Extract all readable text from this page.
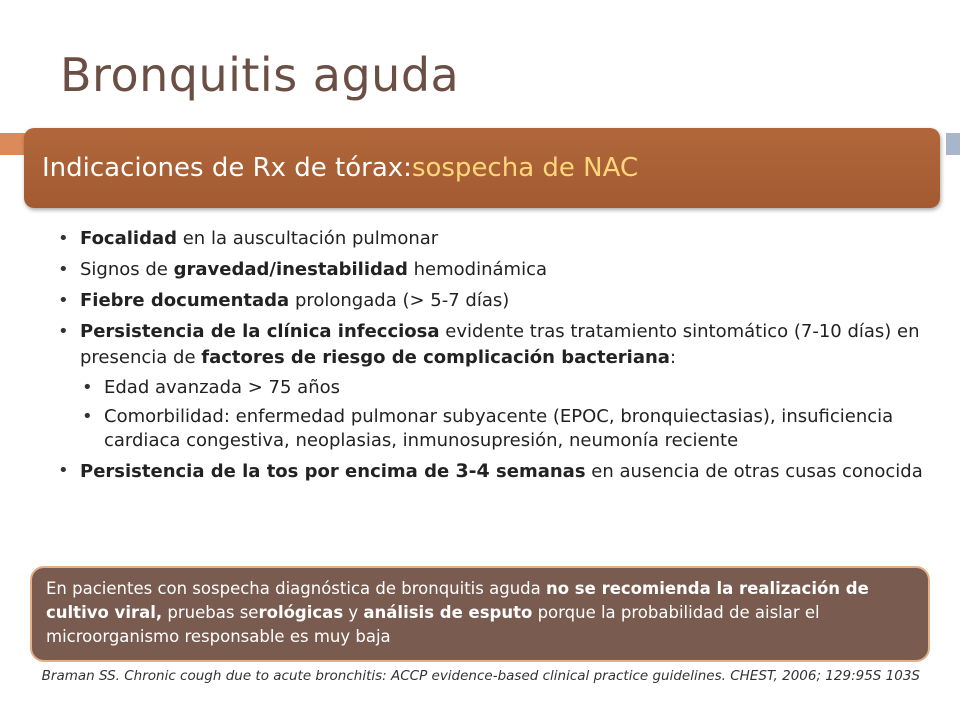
Bronquitis aguda
Indicaciones de Rx de tórax: sospecha de NAC
• Focalidad en la auscultación pulmonar
• Signos de gravedad/inestabilidad hemodinámica
• Fiebre documentada prolongada (> 5-7 días)
• Persistencia de la clínica infecciosa evidente tras tratamiento sintomático (7-10 días) en presencia de factores de riesgo de complicación bacteriana:
• Edad avanzada > 75 años
• Comorbilidad: enfermedad pulmonar subyacente (EPOC, bronquiectasias), insuficiencia cardiaca congestiva, neoplasias, inmunosupresión, neumonía reciente
• Persistencia de la tos por encima de 3-4 semanas en ausencia de otras cusas conocida
En pacientes con sospecha diagnóstica de bronquitis aguda no se recomienda la realización de cultivo viral, pruebas serológicas y análisis de esputo porque la probabilidad de aislar el microorganismo responsable es muy baja
Braman SS. Chronic cough due to acute bronchitis: ACCP evidence-based clinical practice guidelines. CHEST, 2006; 129:95S 103S
